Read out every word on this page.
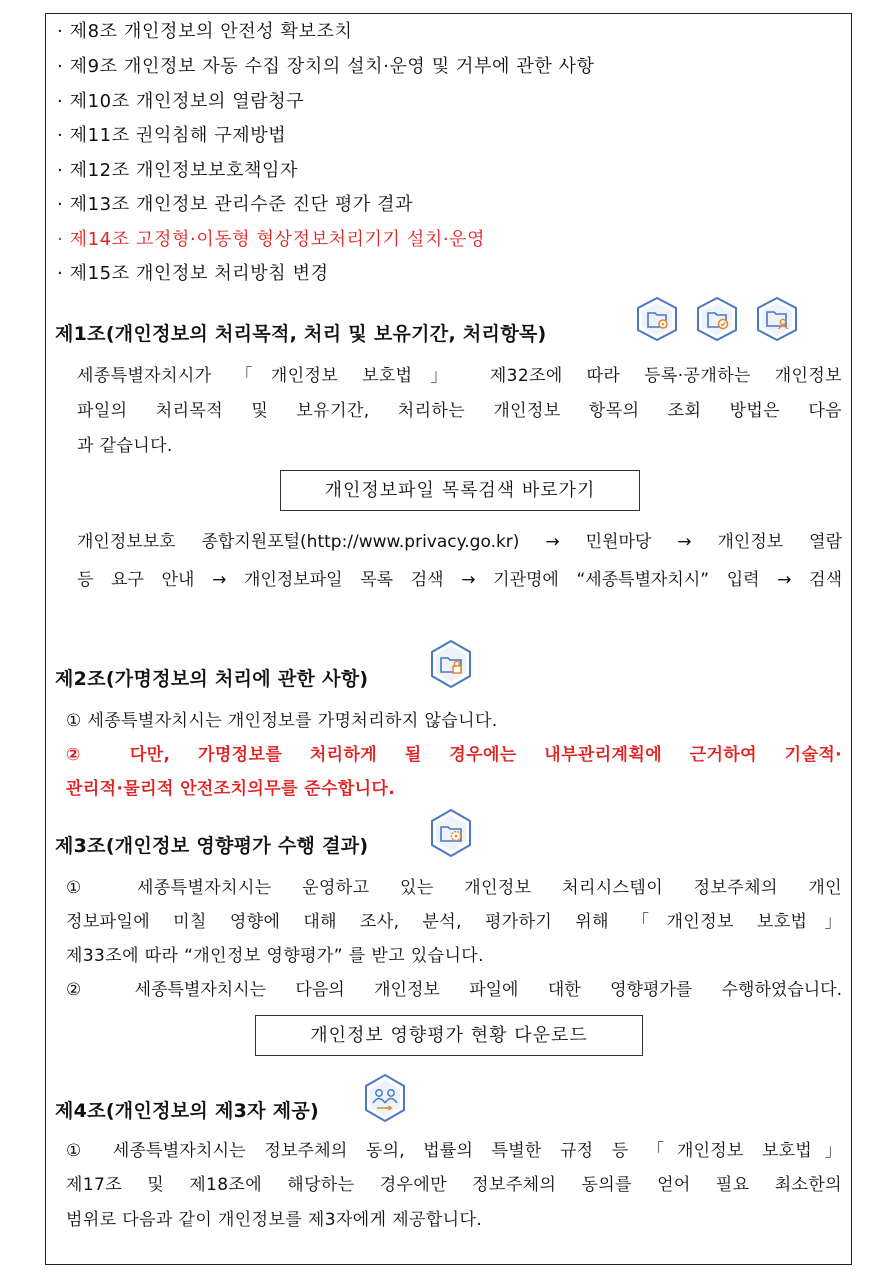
· 제8조 개인정보의 안전성 확보조치
· 제9조 개인정보 자동 수집 장치의 설치·운영 및 거부에 관한 사항
· 제10조 개인정보의 열람청구
· 제11조 권익침해 구제방법
· 제12조 개인정보보호책임자
· 제13조 개인정보 관리수준 진단 평가 결과
· 제14조 고정형·이동형 형상정보처리기기 설치·운영
· 제15조 개인정보 처리방침 변경
제1조(개인정보의 처리목적, 처리 및 보유기간, 처리항목)
세종특별자치시가 「개인정보 보호법」 제32조에 따라 등록·공개하는 개인정보
파일의 처리목적 및 보유기간, 처리하는 개인정보 항목의 조회 방법은 다음
과 같습니다.
개인정보파일 목록검색 바로가기
개인정보보호 종합지원포털(http://www.privacy.go.kr) → 민원마당 → 개인정보 열람
등 요구 안내 → 개인정보파일 목록 검색 → 기관명에 “세종특별자치시” 입력 → 검색
제2조(가명정보의 처리에 관한 사항)
① 세종특별자치시는 개인정보를 가명처리하지 않습니다.
② 다만, 가명정보를 처리하게 될 경우에는 내부관리계획에 근거하여 기술적·
관리적·물리적 안전조치의무를 준수합니다.
제3조(개인정보 영향평가 수행 결과)
① 세종특별자치시는 운영하고 있는 개인정보 처리시스템이 정보주체의 개인
정보파일에 미칠 영향에 대해 조사, 분석, 평가하기 위해 「개인정보 보호법」
제33조에 따라 “개인정보 영향평가” 를 받고 있습니다.
② 세종특별자치시는 다음의 개인정보 파일에 대한 영향평가를 수행하였습니다.
개인정보 영향평가 현황 다운로드
제4조(개인정보의 제3자 제공)
① 세종특별자치시는 정보주체의 동의, 법률의 특별한 규정 등 「개인정보 보호법」
제17조 및 제18조에 해당하는 경우에만 정보주체의 동의를 얻어 필요 최소한의
범위로 다음과 같이 개인정보를 제3자에게 제공합니다.
